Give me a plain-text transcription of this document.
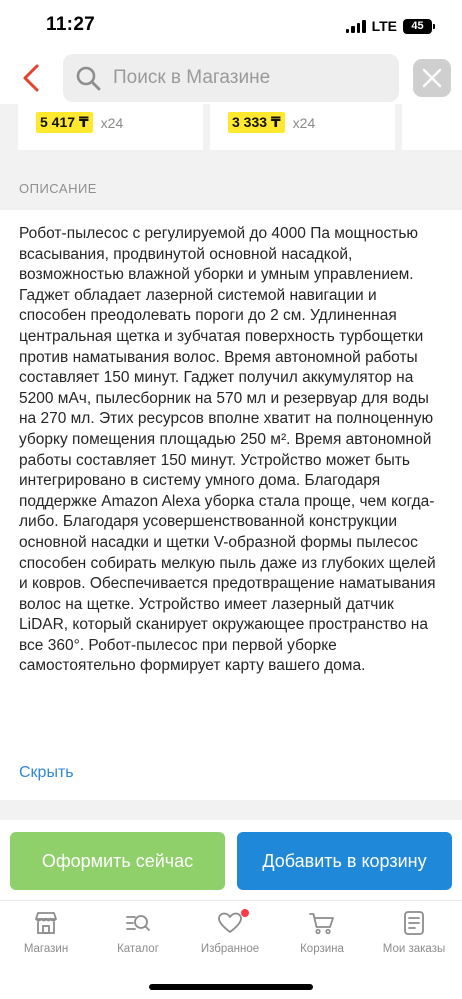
11:27	LTE 45
Поиск в Магазине
5 417 ₸ x24	3 333 ₸ x24
ОПИСАНИЕ
Робот-пылесос с регулируемой до 4000 Па мощностью всасывания, продвинутой основной насадкой, возможностью влажной уборки и умным управлением. Гаджет обладает лазерной системой навигации и способен преодолевать пороги до 2 см. Удлиненная центральная щетка и зубчатая поверхность турбощетки против наматывания волос. Время автономной работы составляет 150 минут. Гаджет получил аккумулятор на 5200 мАч, пылесборник на 570 мл и резервуар для воды на 270 мл. Этих ресурсов вполне хватит на полноценную уборку помещения площадью 250 м². Время автономной работы составляет 150 минут. Устройство может быть интегрировано в систему умного дома. Благодаря поддержке Amazon Alexa уборка стала проще, чем когда-либо. Благодаря усовершенствованной конструкции основной насадки и щетки V-образной формы пылесос способен собирать мелкую пыль даже из глубоких щелей и ковров. Обеспечивается предотвращение наматывания волос на щетке. Устройство имеет лазерный датчик LiDAR, который сканирует окружающее пространство на все 360°. Робот-пылесос при первой уборке самостоятельно формирует карту вашего дома.
Скрыть
Оформить сейчас	Добавить в корзину
Магазин	Каталог	Избранное	Корзина	Мои заказы
